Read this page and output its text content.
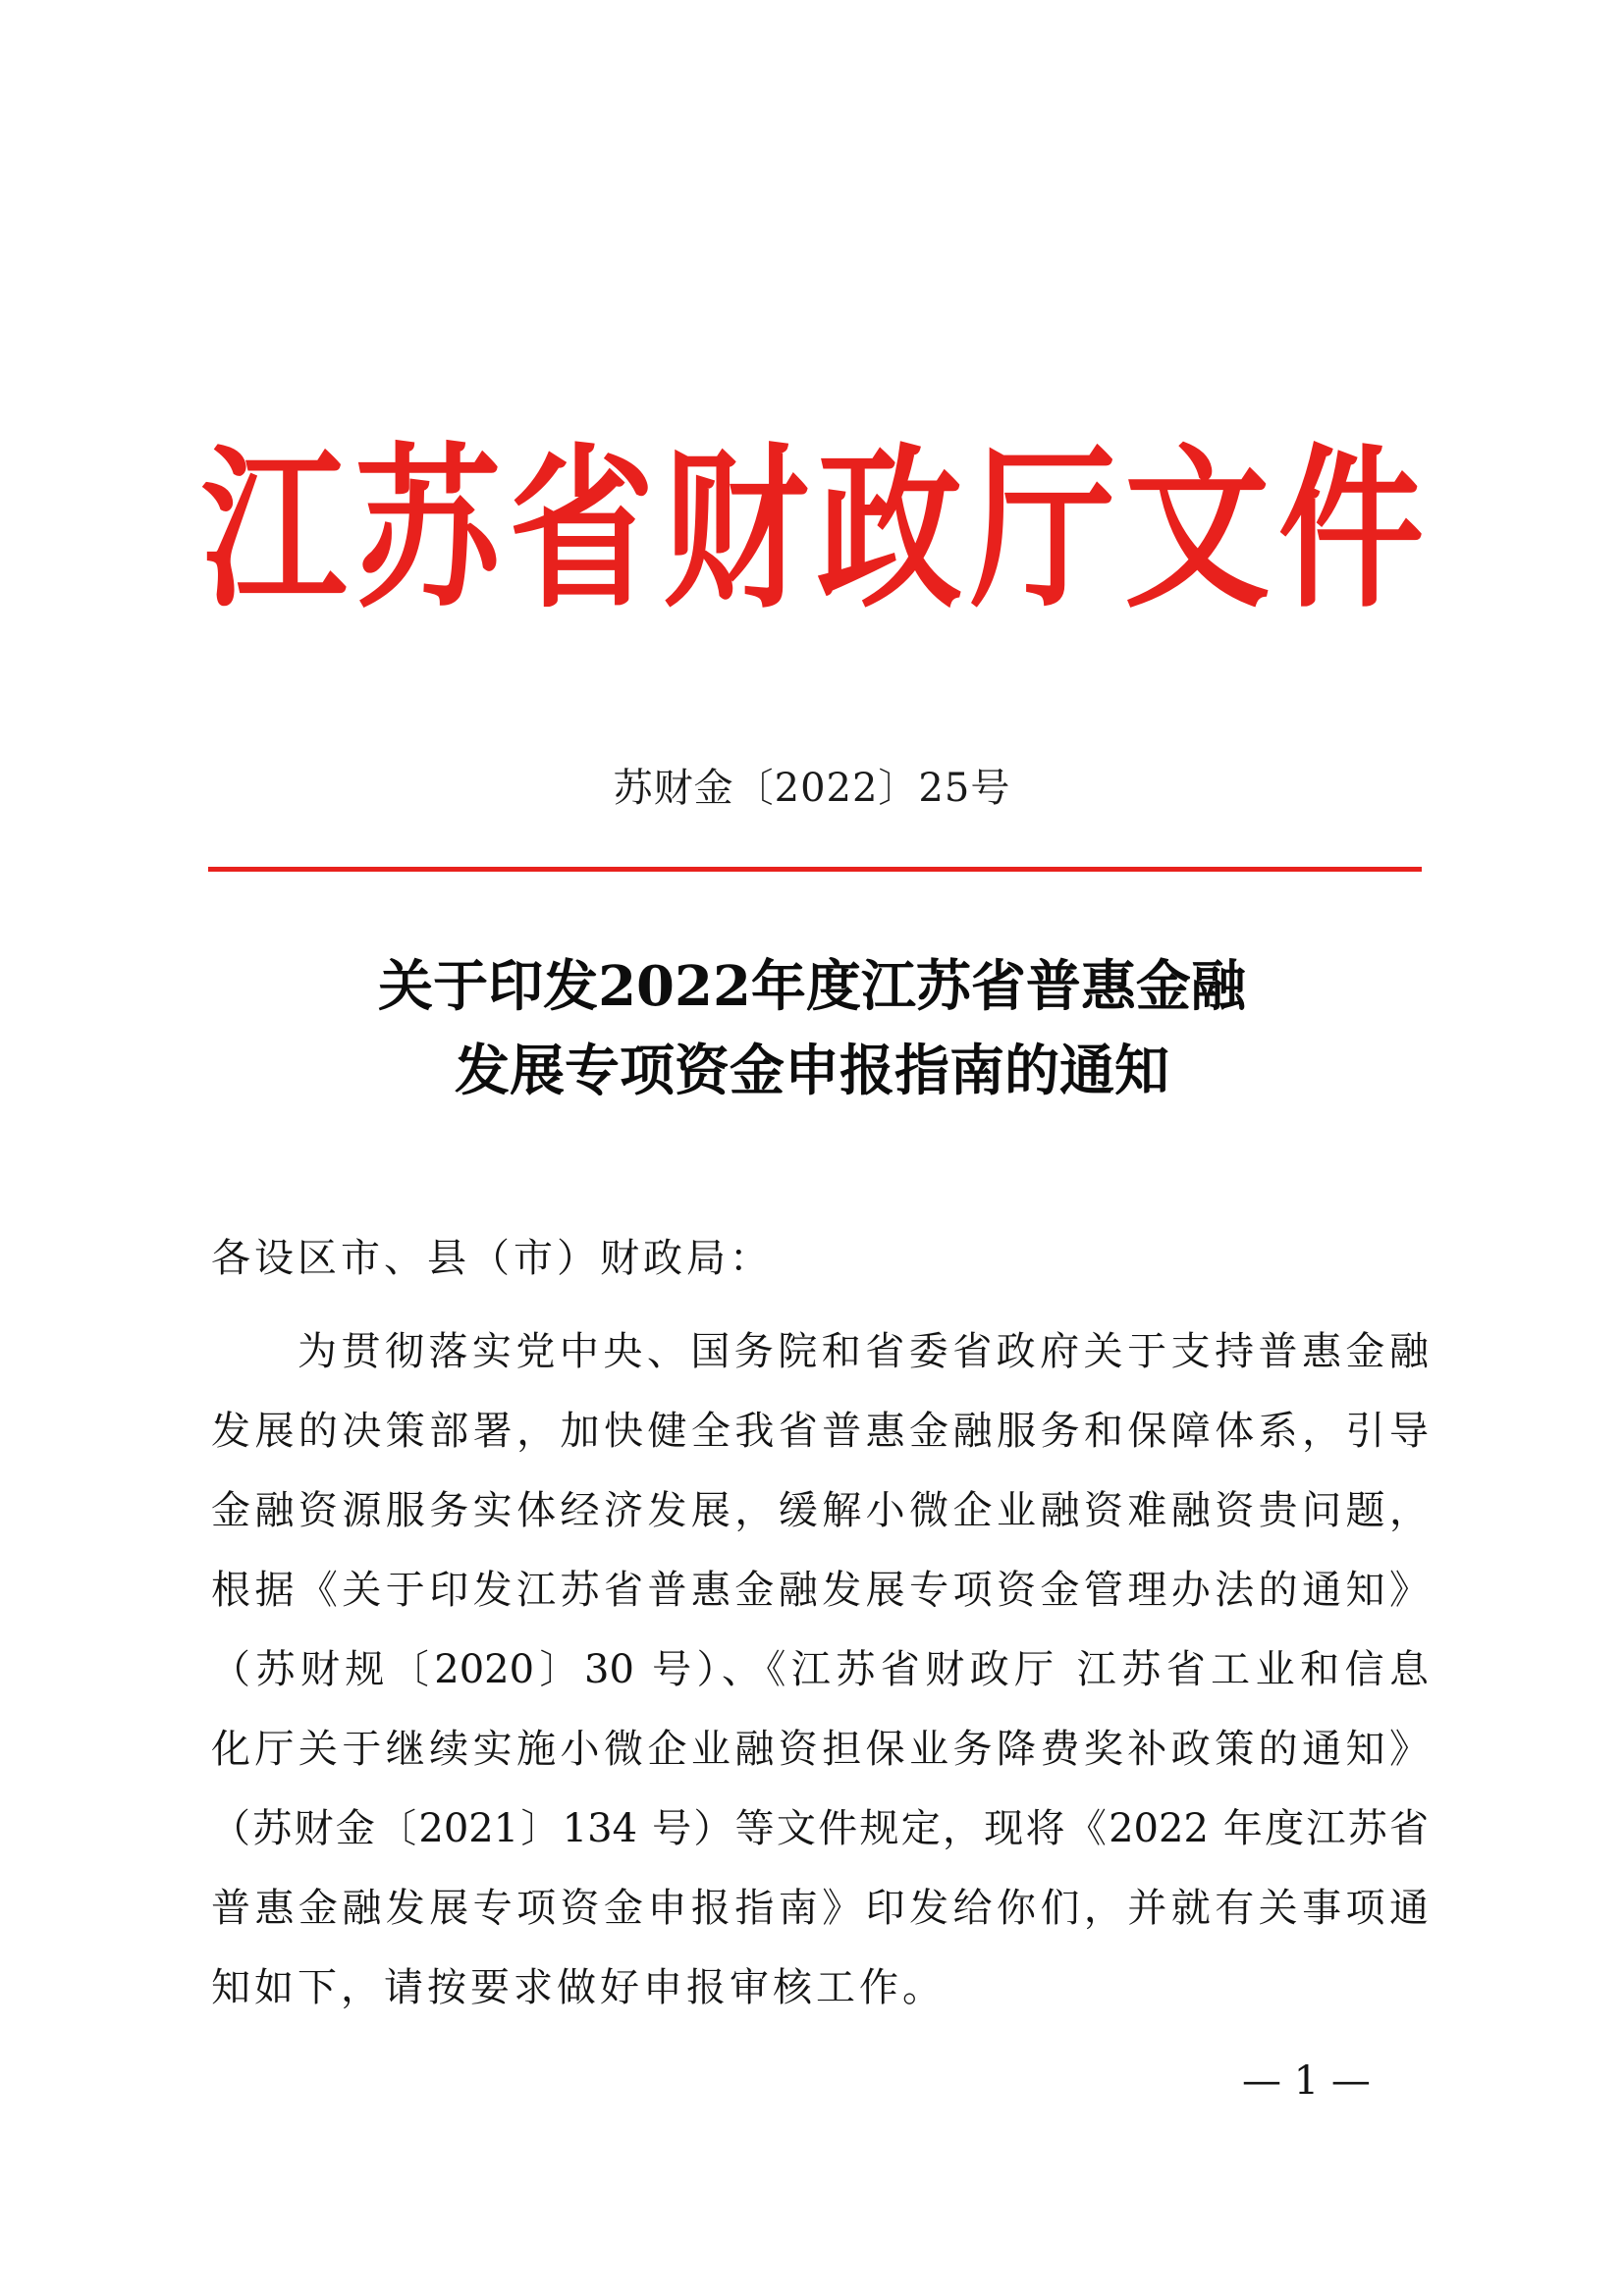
江 苏 省 财 政 厅 文 件
苏财金〔2022〕25号
关于印发2022年度江苏省普惠金融
发展专项资金申报指南的通知
各设区市、县（市）财政局：
为贯彻落实党中央、国务院和省委省政府关于支持普惠金融
发展的决策部署，加快健全我省普惠金融服务和保障体系，引导
金融资源服务实体经济发展，缓解小微企业融资难融资贵问题，
根据《关于印发江苏省普惠金融发展专项资金管理办法的通知》
（苏财规〔2020〕30 号）、《江苏省财政厅 江苏省工业和信息
化厅关于继续实施小微企业融资担保业务降费奖补政策的通知》
（苏财金〔2021〕134 号）等文件规定，现将《2022 年度江苏省
普惠金融发展专项资金申报指南》印发给你们，并就有关事项通
知如下，请按要求做好申报审核工作。
— 1 —
